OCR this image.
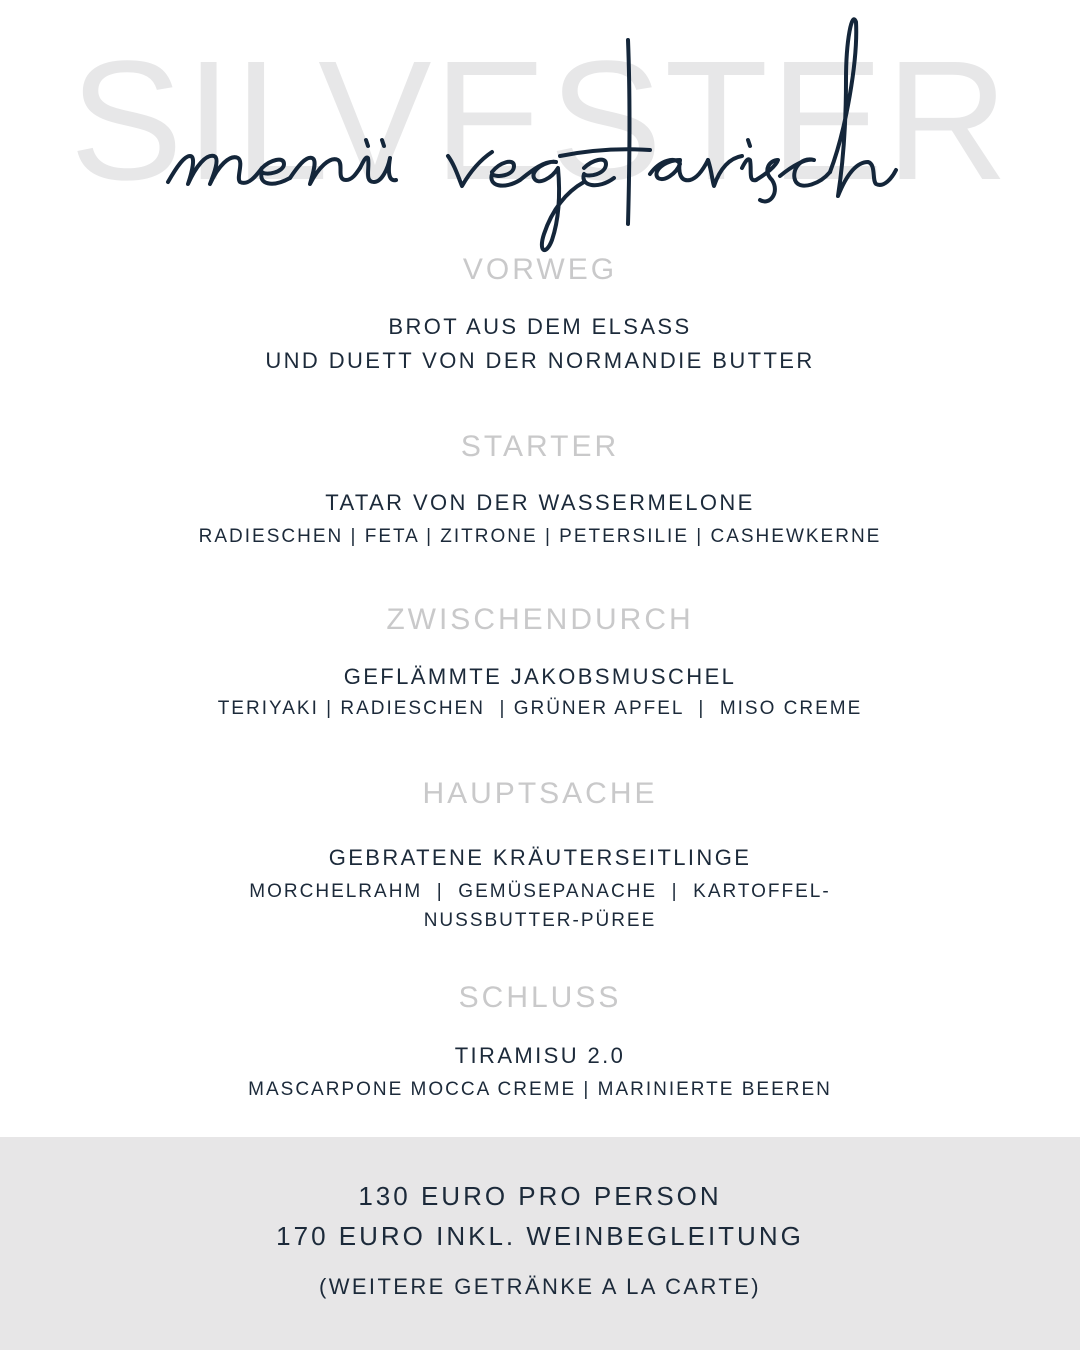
SILVESTER
VORWEG
BROT AUS DEM ELSASS
UND DUETT VON DER NORMANDIE BUTTER
STARTER
TATAR VON DER WASSERMELONE
RADIESCHEN | FETA | ZITRONE | PETERSILIE | CASHEWKERNE
ZWISCHENDURCH
GEFLÄMMTE JAKOBSMUSCHEL
TERIYAKI | RADIESCHEN  | GRÜNER APFEL  |  MISO CREME
HAUPTSACHE
GEBRATENE KRÄUTERSEITLINGE
MORCHELRAHM  |  GEMÜSEPANACHE  |  KARTOFFEL-
NUSSBUTTER-PÜREE
SCHLUSS
TIRAMISU 2.0
MASCARPONE MOCCA CREME | MARINIERTE BEEREN
130 EURO PRO PERSON
170 EURO INKL. WEINBEGLEITUNG
(WEITERE GETRÄNKE A LA CARTE)
